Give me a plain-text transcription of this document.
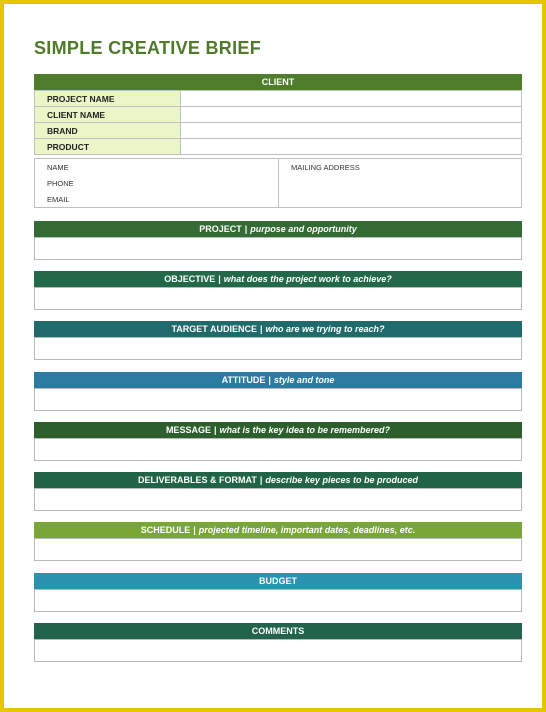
SIMPLE CREATIVE BRIEF
CLIENT
PROJECT NAME	
CLIENT NAME	
BRAND	
PRODUCT	
NAME	MAILING ADDRESS
PHONE	
EMAIL	
PROJECT | purpose and opportunity
OBJECTIVE | what does the project work to achieve?
TARGET AUDIENCE | who are we trying to reach?
ATTITUDE | style and tone
MESSAGE | what is the key idea to be remembered?
DELIVERABLES & FORMAT | describe key pieces to be produced
SCHEDULE | projected timeline, important dates, deadlines, etc.
BUDGET
COMMENTS
